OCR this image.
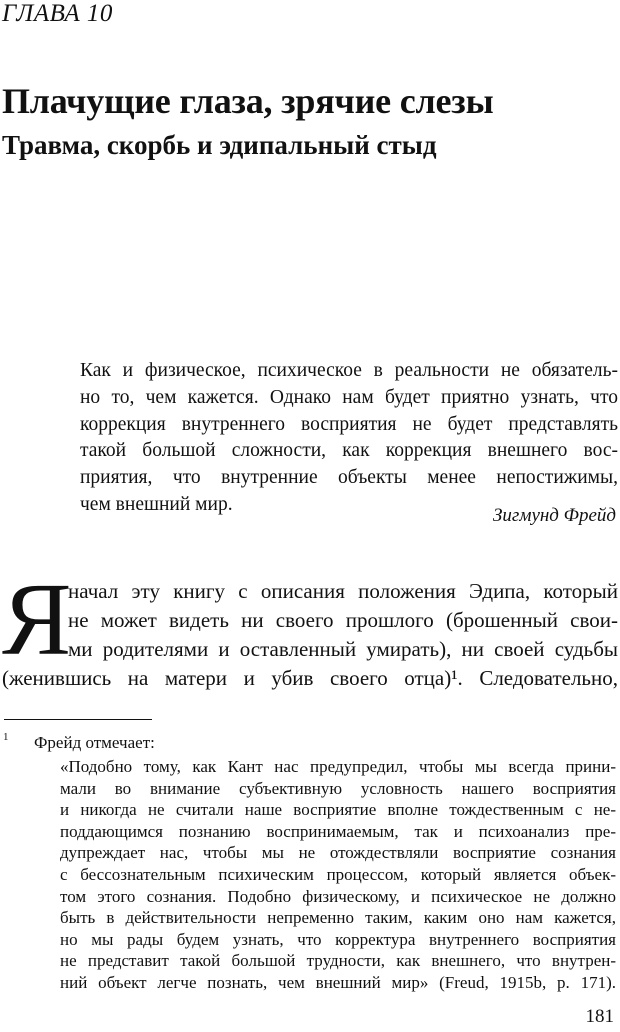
ГЛАВА 10
Плачущие глаза, зрячие слезы
Травма, скорбь и эдипальный стыд
Как и физическое, психическое в реальности не обязатель-
но то, чем кажется. Однако нам будет приятно узнать, что
коррекция внутреннего восприятия не будет представлять
такой большой сложности, как коррекция внешнего вос-
приятия, что внутренние объекты менее непостижимы,
чем внешний мир.
Зигмунд Фрейд
Я
начал эту книгу с описания положения Эдипа, который
не может видеть ни своего прошлого (брошенный свои-
ми родителями и оставленный умирать), ни своей судьбы
(женившись на матери и убив своего отца)¹. Следовательно,
1 Фрейд отмечает:
«Подобно тому, как Кант нас предупредил, чтобы мы всегда прини-
мали во внимание субъективную условность нашего восприятия
и никогда не считали наше восприятие вполне тождественным с не-
поддающимся познанию воспринимаемым, так и психоанализ пре-
дупреждает нас, чтобы мы не отождествляли восприятие сознания
с бессознательным психическим процессом, который является объек-
том этого сознания. Подобно физическому, и психическое не должно
быть в действительности непременно таким, каким оно нам кажется,
но мы рады будем узнать, что корректура внутреннего восприятия
не представит такой большой трудности, как внешнего, что внутрен-
ний объект легче познать, чем внешний мир» (Freud, 1915b, p. 171).
181
